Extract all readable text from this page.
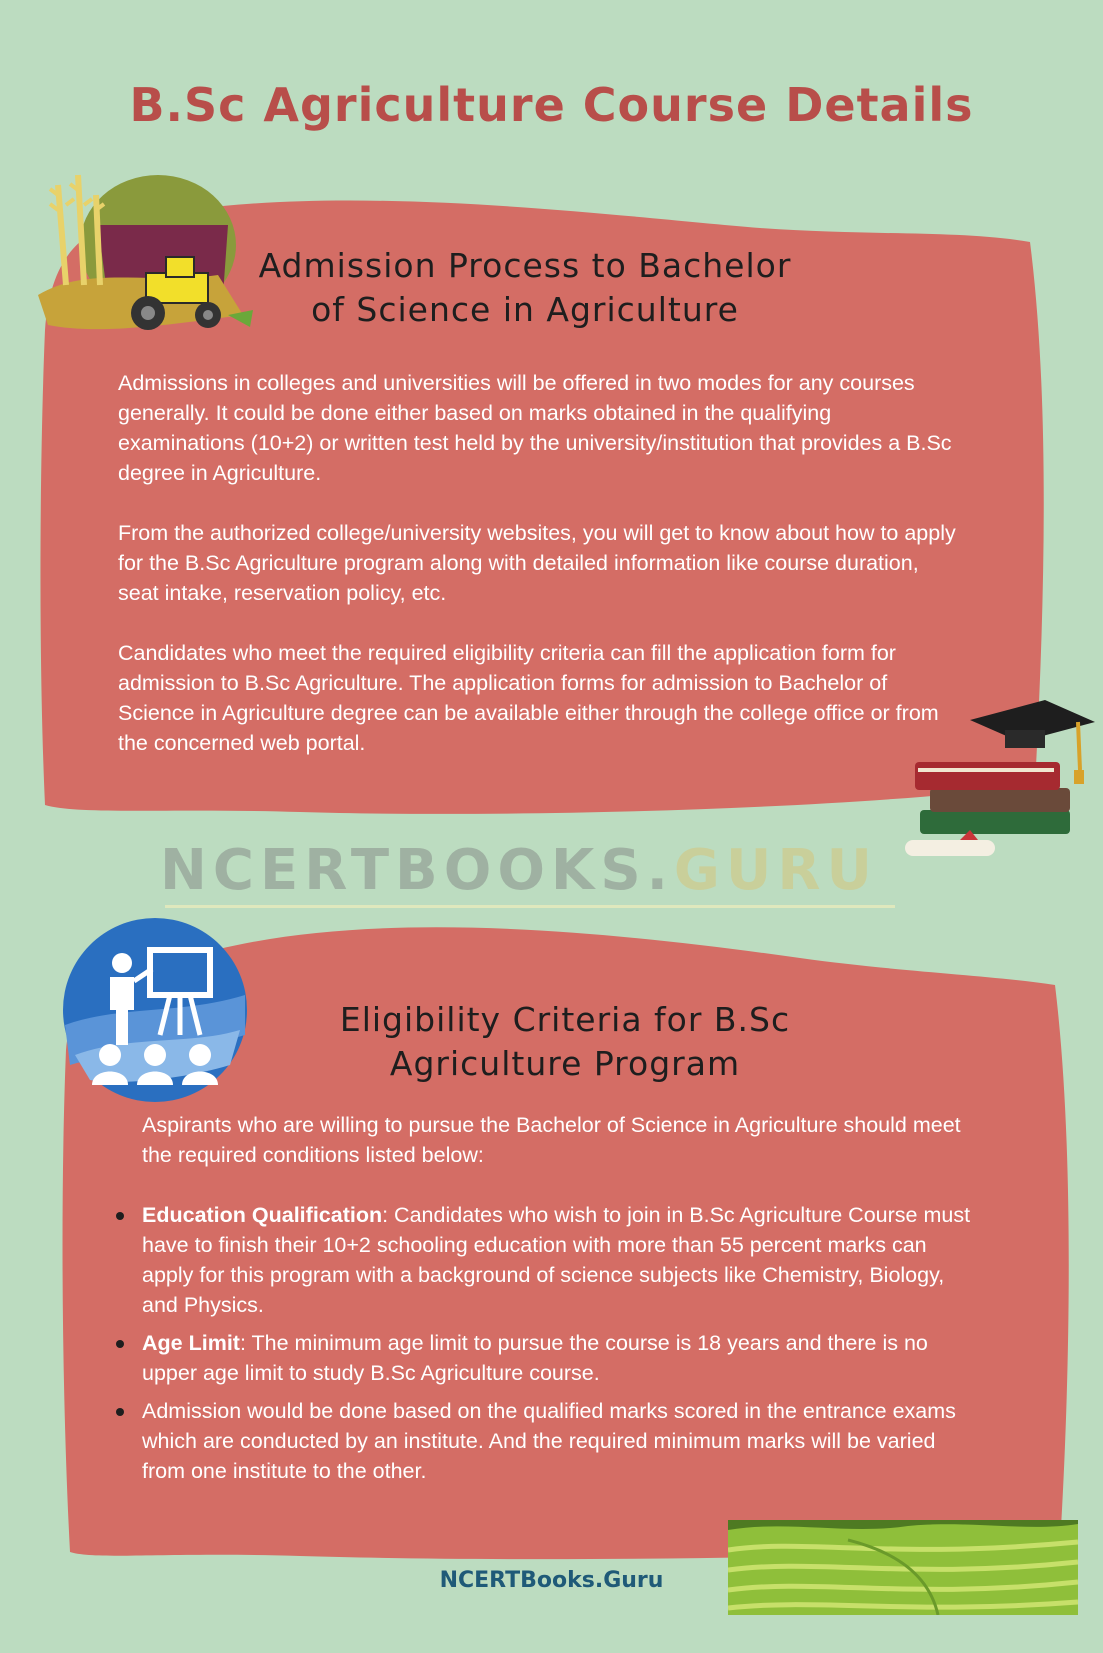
B.Sc Agriculture Course Details
Admission Process to Bachelor
of Science in Agriculture

Admissions in colleges and universities will be offered in two modes for any courses generally. It could be done either based on marks obtained in the qualifying examinations (10+2) or written test held by the university/institution that provides a B.Sc degree in Agriculture.

From the authorized college/university websites, you will get to know about how to apply for the B.Sc Agriculture program along with detailed information like course duration, seat intake, reservation policy, etc.

Candidates who meet the required eligibility criteria can fill the application form for admission to B.Sc Agriculture. The application forms for admission to Bachelor of Science in Agriculture degree can be available either through the college office or from the concerned web portal.

NCERTBOOKS.GURU

Eligibility Criteria for B.Sc
Agriculture Program

Aspirants who are willing to pursue the Bachelor of Science in Agriculture should meet the required conditions listed below:

Education Qualification: Candidates who wish to join in B.Sc Agriculture Course must have to finish their 10+2 schooling education with more than 55 percent marks can apply for this program with a background of science subjects like Chemistry, Biology, and Physics.
Age Limit: The minimum age limit to pursue the course is 18 years and there is no upper age limit to study B.Sc Agriculture course.
Admission would be done based on the qualified marks scored in the entrance exams which are conducted by an institute. And the required minimum marks will be varied from one institute to the other.

NCERTBooks.Guru
